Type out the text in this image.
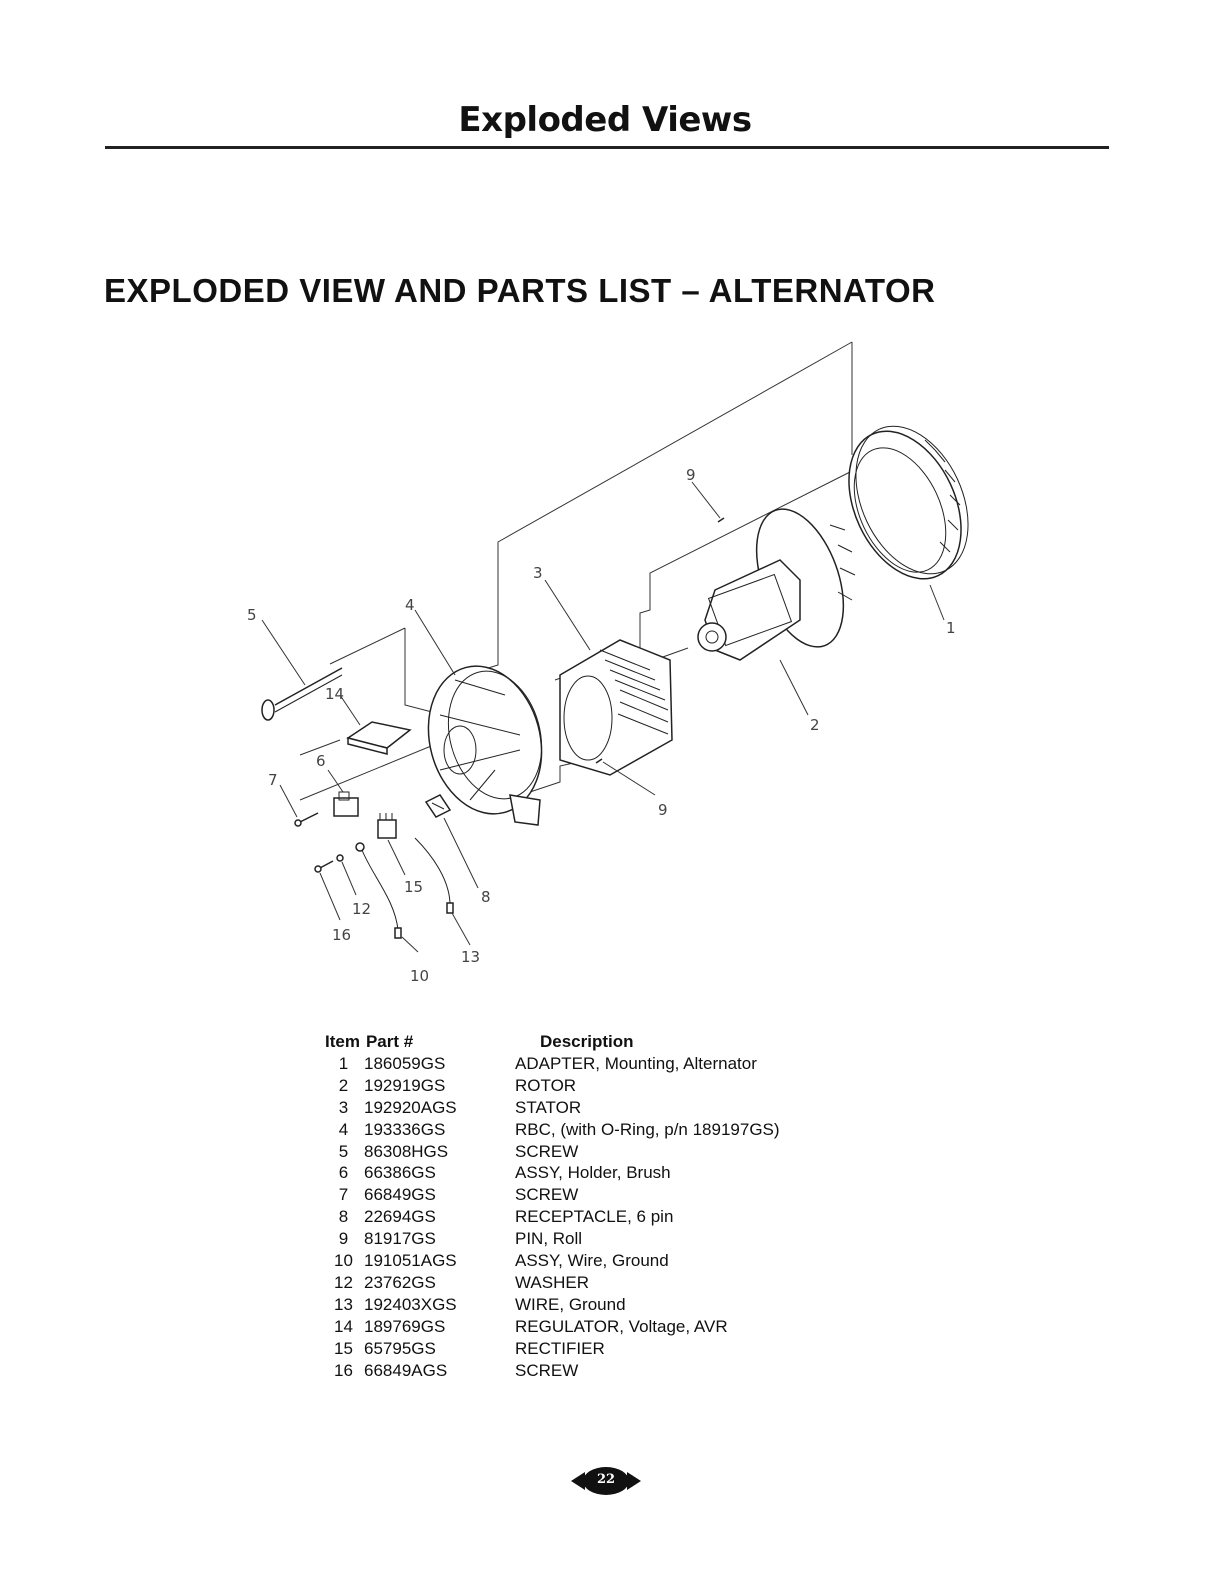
Exploded Views
EXPLODED VIEW AND PARTS LIST – ALTERNATOR
1
2
3
4
5
6
7
8
9
9
10
12
13
14
15
16
Item Part #	Description
1 186059GS	ADAPTER, Mounting, Alternator
2 192919GS	ROTOR
3 192920AGS	STATOR
4 193336GS	RBC, (with O-Ring, p/n 189197GS)
5 86308HGS	SCREW
6 66386GS	ASSY, Holder, Brush
7 66849GS	SCREW
8 22694GS	RECEPTACLE, 6 pin
9 81917GS	PIN, Roll
10 191051AGS	ASSY, Wire, Ground
12 23762GS	WASHER
13 192403XGS	WIRE, Ground
14 189769GS	REGULATOR, Voltage, AVR
15 65795GS	RECTIFIER
16 66849AGS	SCREW
22
